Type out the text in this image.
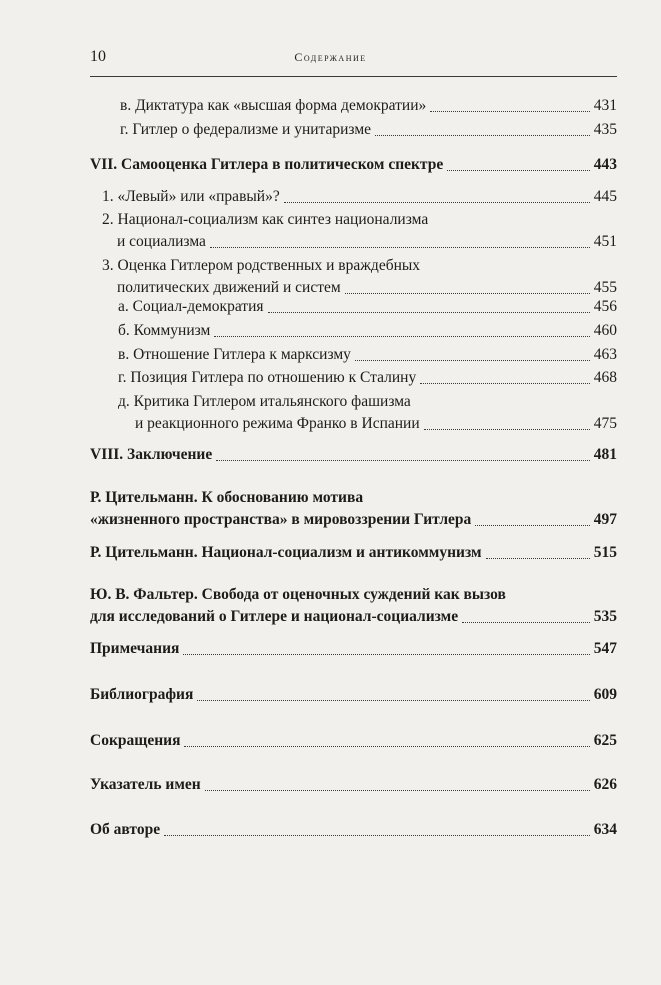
10	Содержание
в. Диктатура как «высшая форма демократии»	431
г. Гитлер о федерализме и унитаризме	435
VII. Самооценка Гитлера в политическом спектре	443
1. «Левый» или «правый»?	445
2. Национал-социализм как синтез национализма
и социализма	451
3. Оценка Гитлером родственных и враждебных
политических движений и систем	455
а. Социал-демократия	456
б. Коммунизм	460
в. Отношение Гитлера к марксизму	463
г. Позиция Гитлера по отношению к Сталину	468
д. Критика Гитлером итальянского фашизма
и реакционного режима Франко в Испании	475
VIII. Заключение	481
Р. Цительманн. К обоснованию мотива
«жизненного пространства» в мировоззрении Гитлера	497
Р. Цительманн. Национал-социализм и антикоммунизм	515
Ю. В. Фальтер. Свобода от оценочных суждений как вызов
для исследований о Гитлере и национал-социализме	535
Примечания	547
Библиография	609
Сокращения	625
Указатель имен	626
Об авторе	634
